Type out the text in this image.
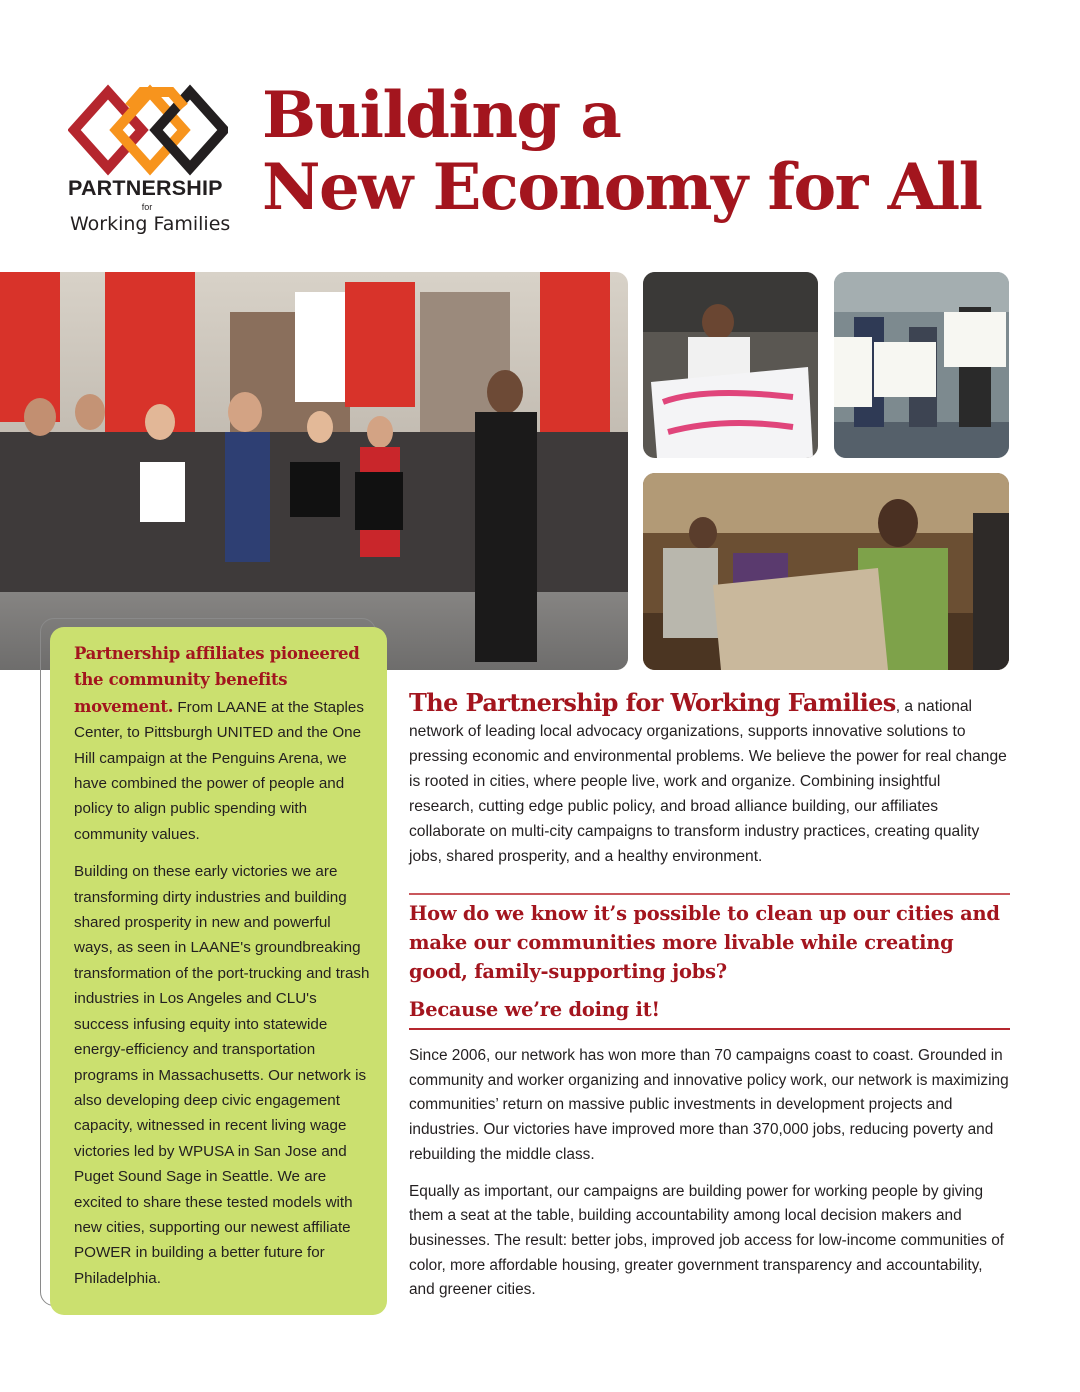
PARTNERSHIP
for
Working Families
Building a
New Economy for All

Partnership affiliates pioneered the community benefits movement. From LAANE at the Staples Center, to Pittsburgh UNITED and the One Hill campaign at the Penguins Arena, we have combined the power of people and policy to align public spending with community values.

Building on these early victories we are transforming dirty industries and building shared prosperity in new and powerful ways, as seen in LAANE's groundbreaking transformation of the port-trucking and trash industries in Los Angeles and CLU's success infusing equity into statewide energy-efficiency and transportation programs in Massachusetts. Our network is also developing deep civic engagement capacity, witnessed in recent living wage victories led by WPUSA in San Jose and Puget Sound Sage in Seattle. We are excited to share these tested models with new cities, supporting our newest affiliate POWER in building a better future for Philadelphia.

The Partnership for Working Families, a national network of leading local advocacy organizations, supports innovative solutions to pressing economic and environmental problems. We believe the power for real change is rooted in cities, where people live, work and organize. Combining insightful research, cutting edge public policy, and broad alliance building, our affiliates collaborate on multi-city campaigns to transform industry practices, creating quality jobs, shared prosperity, and a healthy environment.

How do we know it’s possible to clean up our cities and make our communities more livable while creating good, family-supporting jobs?
Because we’re doing it!

Since 2006, our network has won more than 70 campaigns coast to coast. Grounded in community and worker organizing and innovative policy work, our network is maximizing communities’ return on massive public investments in development projects and industries. Our victories have improved more than 370,000 jobs, reducing poverty and rebuilding the middle class.

Equally as important, our campaigns are building power for working people by giving them a seat at the table, building accountability among local decision makers and businesses. The result: better jobs, improved job access for low-income communities of color, more affordable housing, greater government transparency and accountability, and greener cities.
